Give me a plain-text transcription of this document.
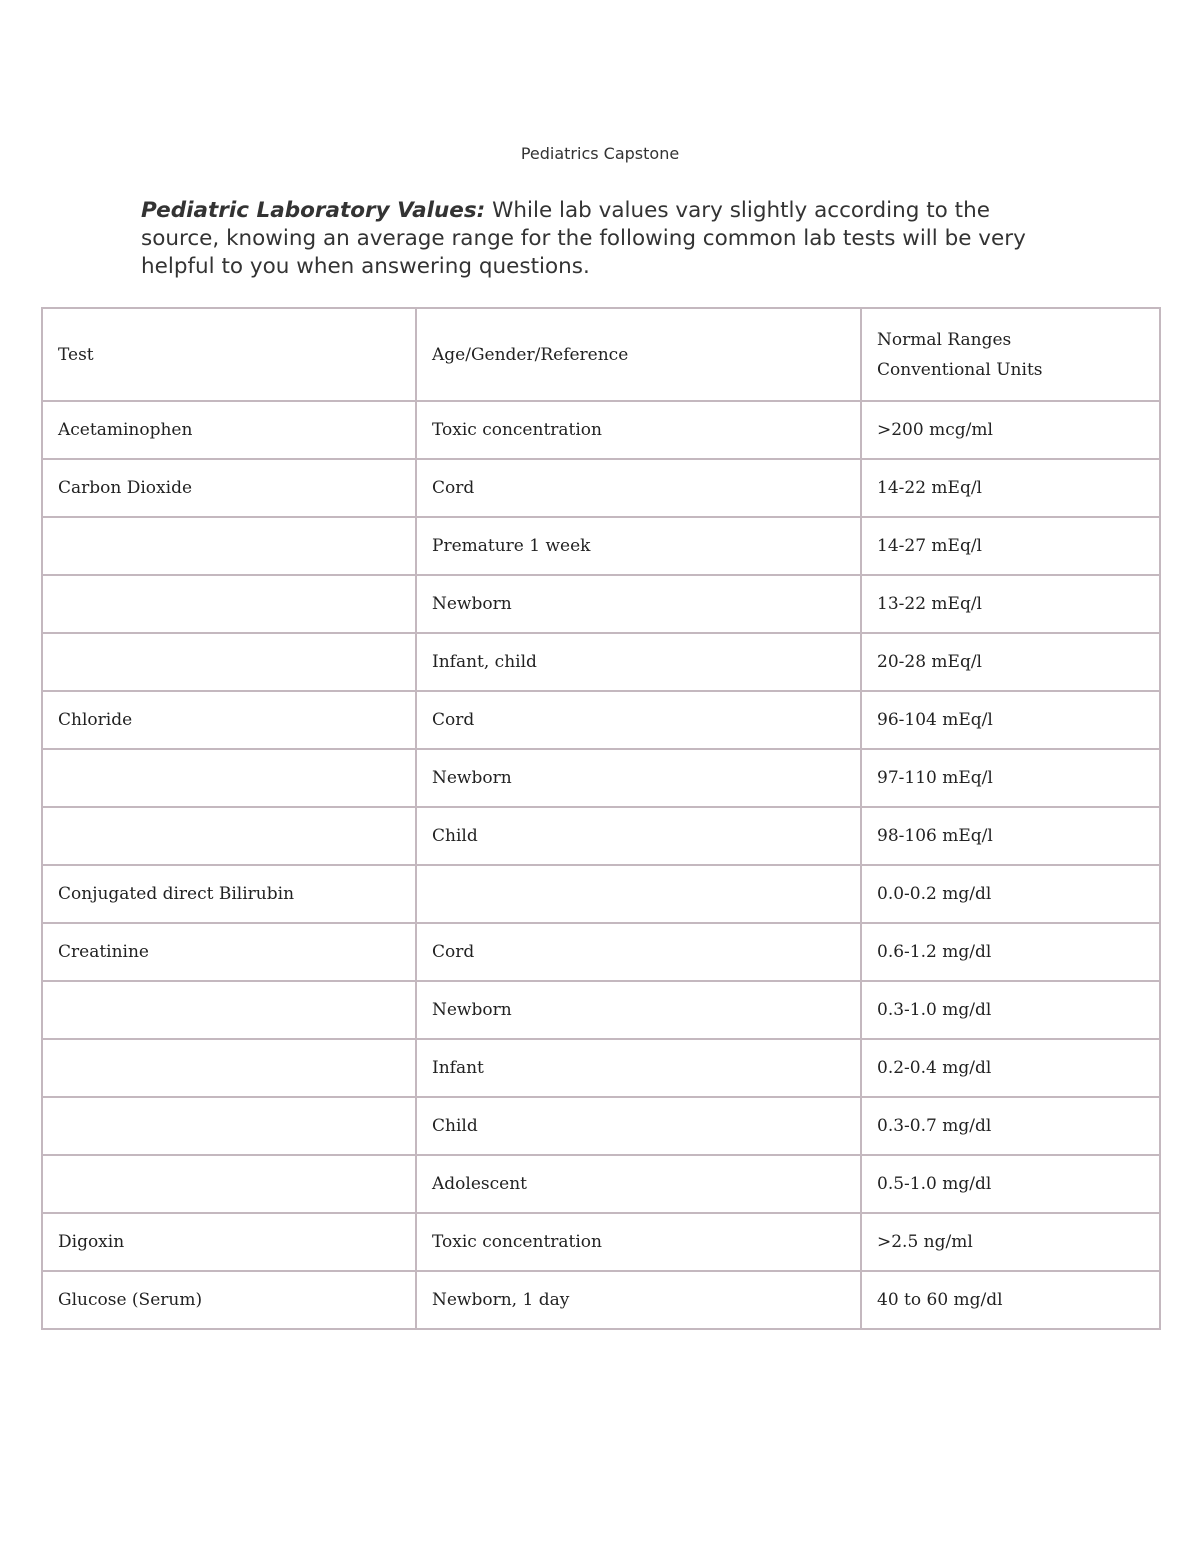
Pediatrics Capstone
Pediatric Laboratory Values: While lab values vary slightly according to the source, knowing an average range for the following common lab tests will be very helpful to you when answering questions.
Test	Age/Gender/Reference	Normal Ranges
Conventional Units

Acetaminophen	Toxic concentration	>200 mcg/ml
Carbon Dioxide	Cord	14-22 mEq/l
	Premature 1 week	14-27 mEq/l
	Newborn	13-22 mEq/l
	Infant, child	20-28 mEq/l
Chloride	Cord	96-104 mEq/l
	Newborn	97-110 mEq/l
	Child	98-106 mEq/l
Conjugated direct Bilirubin		0.0-0.2 mg/dl
Creatinine	Cord	0.6-1.2 mg/dl
	Newborn	0.3-1.0 mg/dl
	Infant	0.2-0.4 mg/dl
	Child	0.3-0.7 mg/dl
	Adolescent	0.5-1.0 mg/dl
Digoxin	Toxic concentration	>2.5 ng/ml
Glucose (Serum)	Newborn, 1 day	40 to 60 mg/dl
